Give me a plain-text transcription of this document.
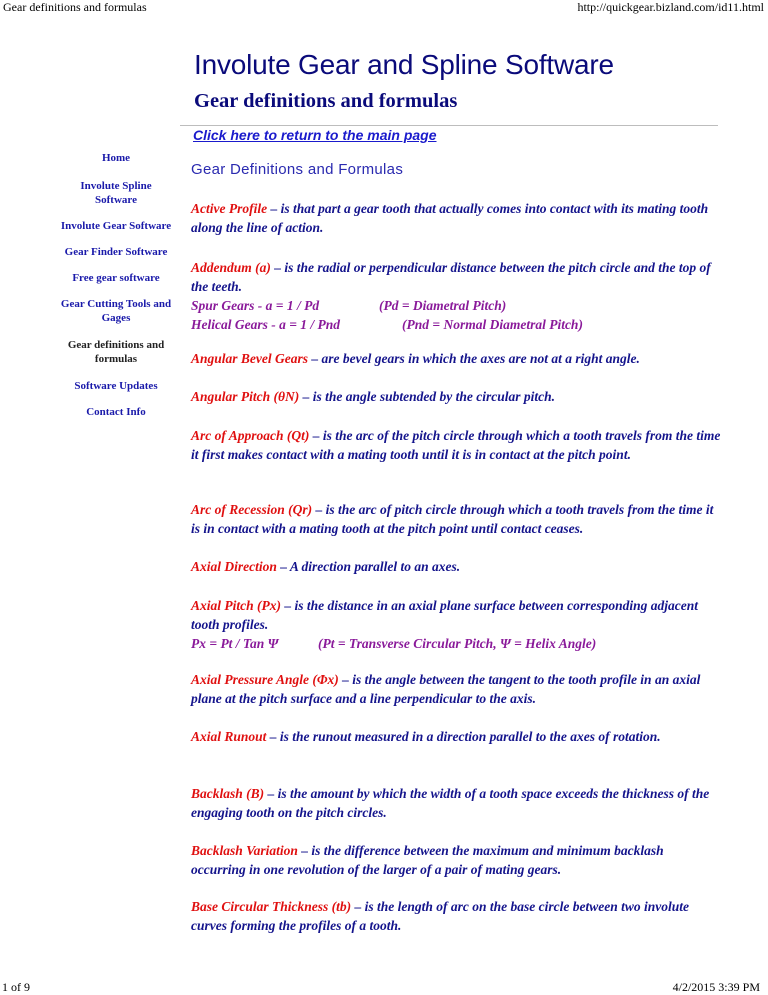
Gear definitions and formulas	http://quickgear.bizland.com/id11.html
1 of 9	4/2/2015 3:39 PM
Involute Gear and Spline Software
Gear definitions and formulas
Click here to return to the main page
Gear Definitions and Formulas
Home
Involute Spline Software
Involute Gear Software
Gear Finder Software
Free gear software
Gear Cutting Tools and Gages
Gear definitions and formulas
Software Updates
Contact Info
Active Profile – is that part a gear tooth that actually comes into contact with its mating tooth along the line of action.
Addendum (a) – is the radial or perpendicular distance between the pitch circle and the top of the teeth.
Spur Gears - a = 1 / Pd	(Pd = Diametral Pitch)
Helical Gears - a = 1 / Pnd	(Pnd = Normal Diametral Pitch)
Angular Bevel Gears – are bevel gears in which the axes are not at a right angle.
Angular Pitch (θN) – is the angle subtended by the circular pitch.
Arc of Approach (Qt) – is the arc of the pitch circle through which a tooth travels from the time it first makes contact with a mating tooth until it is in contact at the pitch point.
Arc of Recession (Qr) – is the arc of pitch circle through which a tooth travels from the time it is in contact with a mating tooth at the pitch point until contact ceases.
Axial Direction – A direction parallel to an axes.
Axial Pitch (Px) – is the distance in an axial plane surface between corresponding adjacent tooth profiles.
Px = Pt / Tan Ψ	(Pt = Transverse Circular Pitch, Ψ = Helix Angle)
Axial Pressure Angle (Φx) – is the angle between the tangent to the tooth profile in an axial plane at the pitch surface and a line perpendicular to the axis.
Axial Runout – is the runout measured in a direction parallel to the axes of rotation.
Backlash (B) – is the amount by which the width of a tooth space exceeds the thickness of the engaging tooth on the pitch circles.
Backlash Variation – is the difference between the maximum and minimum backlash occurring in one revolution of the larger of a pair of mating gears.
Base Circular Thickness (tb) – is the length of arc on the base circle between two involute curves forming the profiles of a tooth.
